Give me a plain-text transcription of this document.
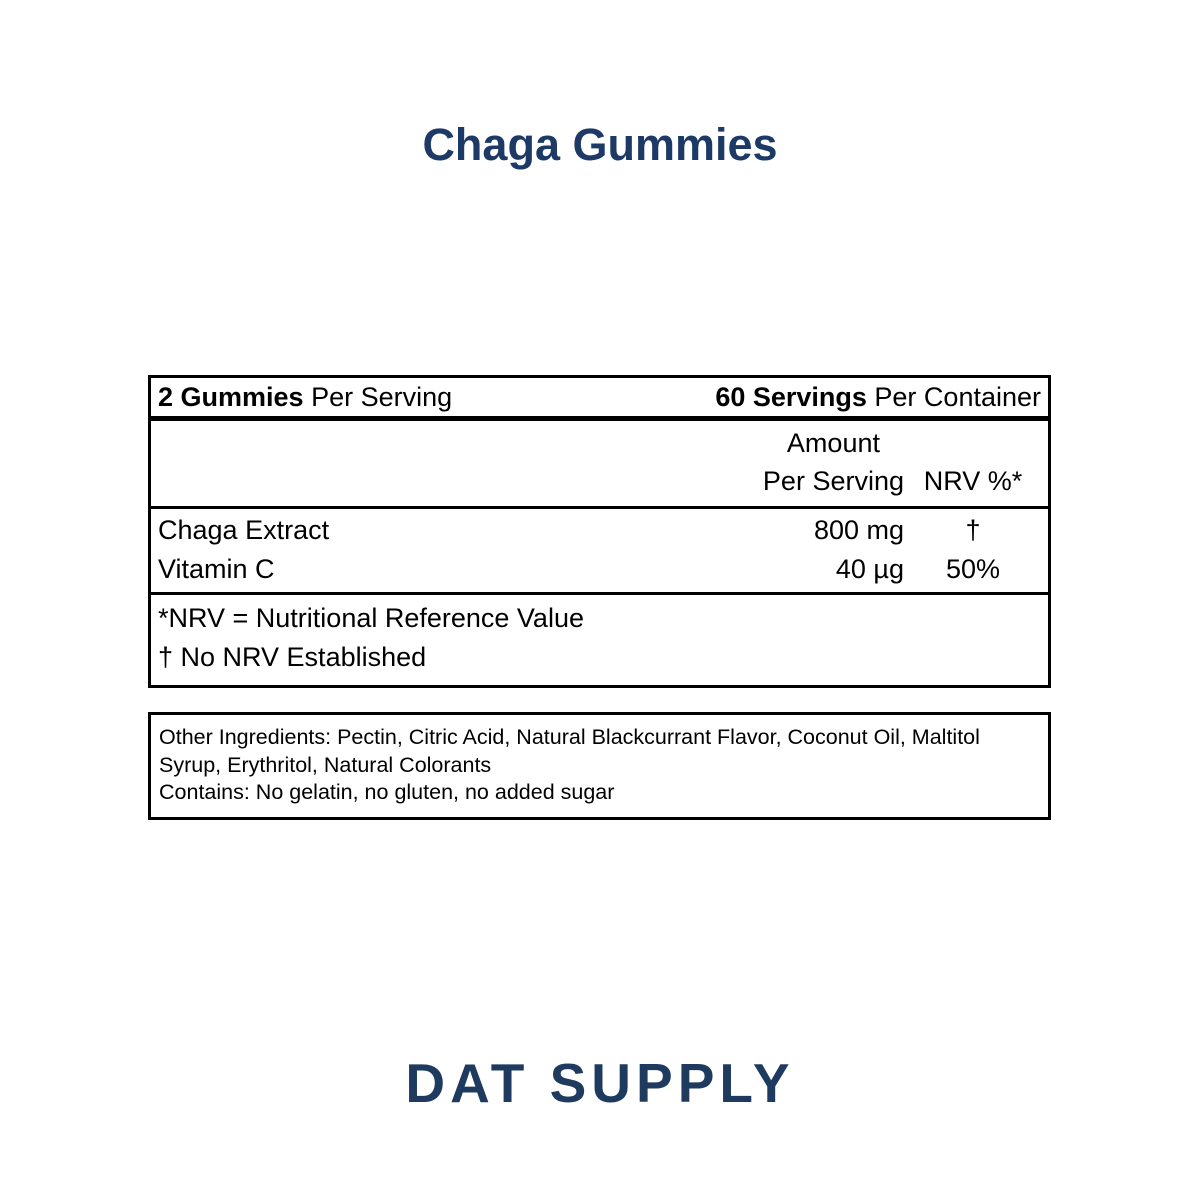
Chaga Gummies
2 Gummies Per Serving	60 Servings Per Container
Amount
Per Serving NRV %*
Chaga Extract	800 mg	†
Vitamin C	40 µg	50%
*NRV = Nutritional Reference Value
† No NRV Established

Other Ingredients: Pectin, Citric Acid, Natural Blackcurrant Flavor, Coconut Oil, Maltitol Syrup, Erythritol, Natural Colorants

Contains: No gelatin, no gluten, no added sugar

DAT SUPPLY
